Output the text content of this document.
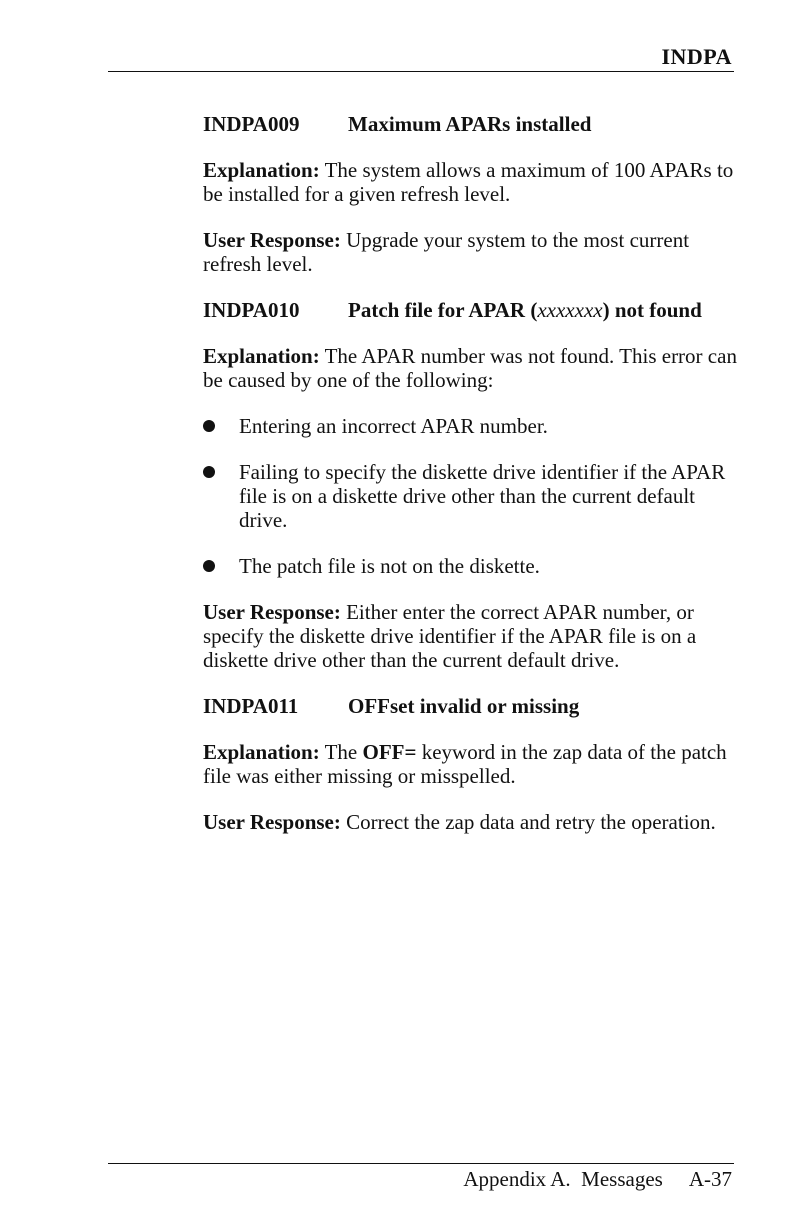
INDPA
INDPA009	Maximum APARs installed

Explanation: The system allows a maximum of 100 APARs to be installed for a given refresh level.

User Response: Upgrade your system to the most current refresh level.

INDPA010	Patch file for APAR (xxxxxxx) not found

Explanation: The APAR number was not found. This error can be caused by one of the following:

Entering an incorrect APAR number.
Failing to specify the diskette drive identifier if the APAR file is on a diskette drive other than the current default drive.
The patch file is not on the diskette.

User Response: Either enter the correct APAR number, or specify the diskette drive identifier if the APAR file is on a diskette drive other than the current default drive.

INDPA011	OFFset invalid or missing

Explanation: The OFF= keyword in the zap data of the patch file was either missing or misspelled.

User Response: Correct the zap data and retry the operation.

Appendix A.  Messages A-37
